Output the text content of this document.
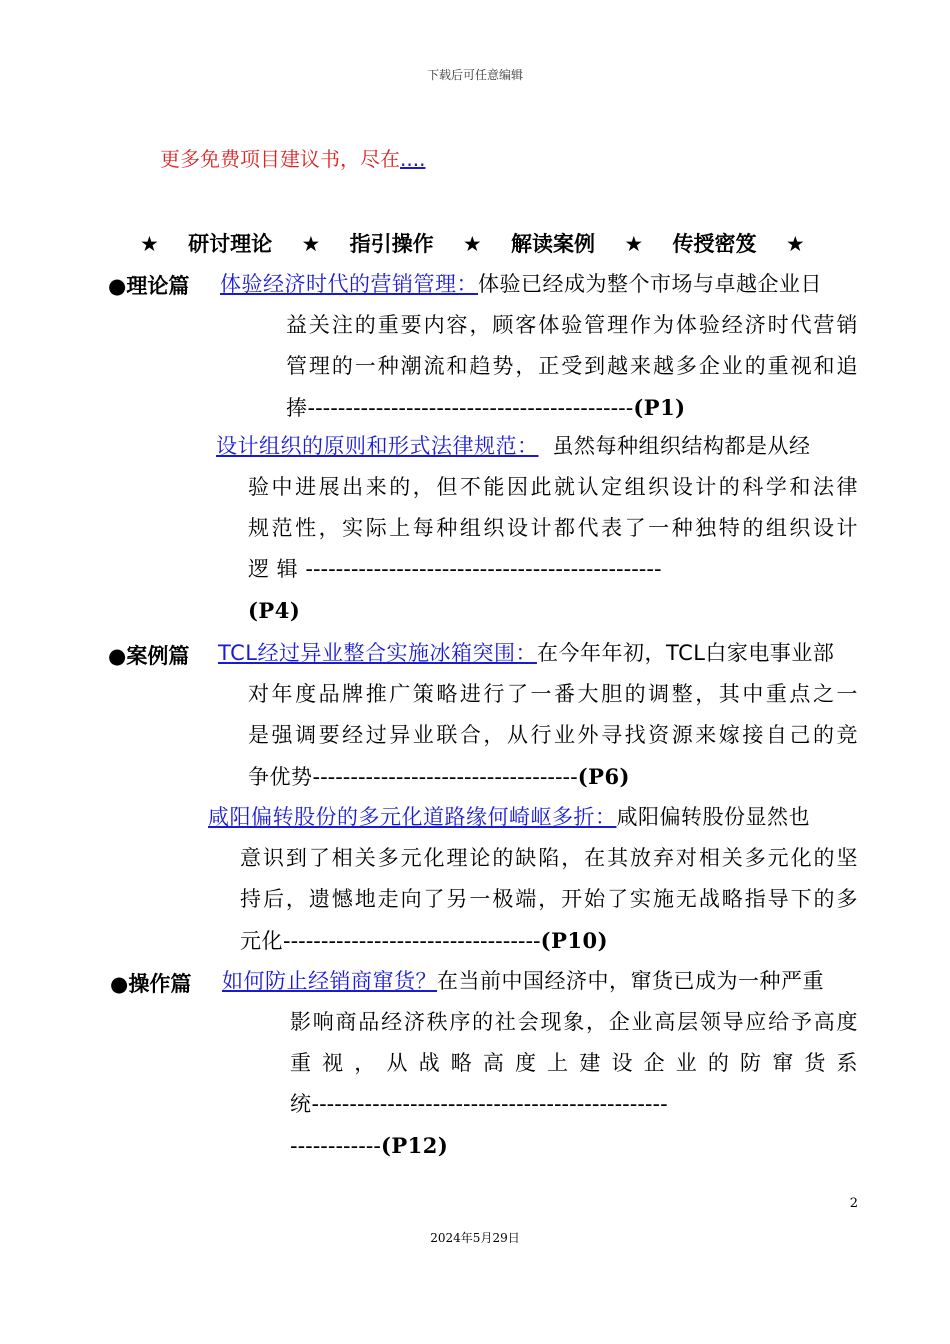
下载后可任意编辑
更多免费项目建议书，尽在....
★ 研讨理论 ★ 指引操作 ★ 解读案例 ★ 传授密笈 ★
●理论篇 体验经济时代的营销管理：体验已经成为整个市场与卓越企业日
益关注的重要内容，顾客体验管理作为体验经济时代营销
管理的一种潮流和趋势，正受到越来越多企业的重视和追
捧-------------------------------------------(P1)
设计组织的原则和形式法律规范： 虽然每种组织结构都是从经
验中进展出来的，但不能因此就认定组织设计的科学和法律
规范性，实际上每种组织设计都代表了一种独特的组织设计
逻 辑 -----------------------------------------------
(P4)
●案例篇 TCL经过异业整合实施冰箱突围：在今年年初，TCL白家电事业部
对年度品牌推广策略进行了一番大胆的调整，其中重点之一
是强调要经过异业联合，从行业外寻找资源来嫁接自己的竞
争优势-----------------------------------(P6)
咸阳偏转股份的多元化道路缘何崎岖多折：咸阳偏转股份显然也
意识到了相关多元化理论的缺陷，在其放弃对相关多元化的坚
持后，遗憾地走向了另一极端，开始了实施无战略指导下的多
元化----------------------------------(P10)
●操作篇 如何防止经销商窜货？在当前中国经济中，窜货已成为一种严重
影响商品经济秩序的社会现象，企业高层领导应给予高度
重视，从战略高度上建设企业的防窜货系
统-----------------------------------------------
------------(P12)
2
2024年5月29日
